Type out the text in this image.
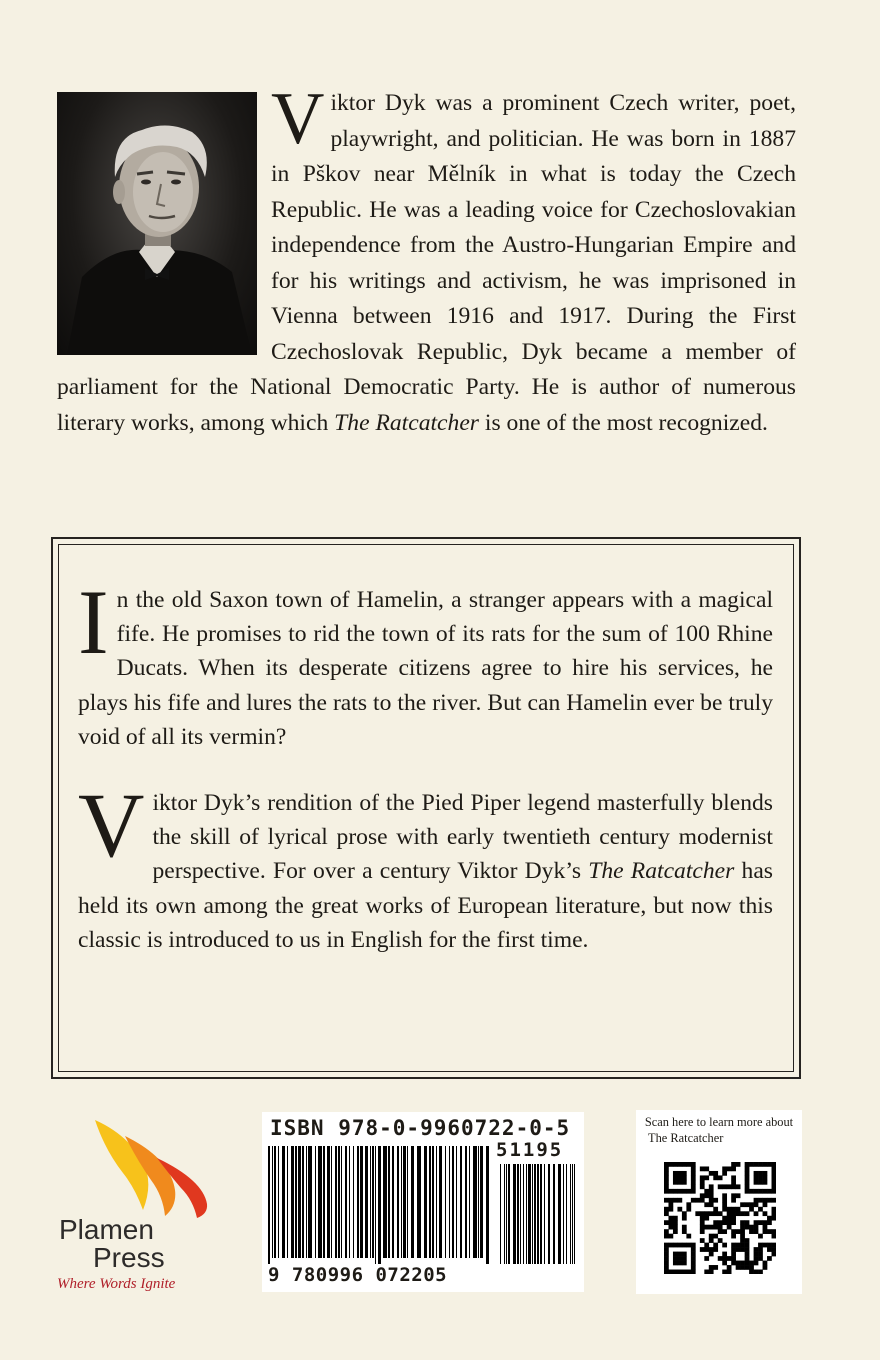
Viktor Dyk was a prominent Czech writer, poet, playwright, and politician. He was born in 1887 in Pškov near Mělník in what is today the Czech Republic. He was a leading voice for Czechoslovakian independence from the Austro-Hungarian Empire and for his writings and activism, he was imprisoned in Vienna between 1916 and 1917. During the First Czechoslovak Republic, Dyk became a member of parliament for the National Democratic Party. He is author of numerous literary works, among which The Ratcatcher is one of the most recognized.

In the old Saxon town of Hamelin, a stranger appears with a magical fife. He promises to rid the town of its rats for the sum of 100 Rhine Ducats. When its desperate citizens agree to hire his services, he plays his fife and lures the rats to the river. But can Hamelin ever be truly void of all its vermin?

Viktor Dyk’s rendition of the Pied Piper legend masterfully blends the skill of lyrical prose with early twentieth century modernist perspective. For over a century Viktor Dyk’s The Ratcatcher has held its own among the great works of European literature, but now this classic is introduced to us in English for the first time.

Plamen
Press
Where Words Ignite
ISBN 978-0-9960722-0-5
51195
9 780996 072205
Scan here to learn more about
The Ratcatcher
